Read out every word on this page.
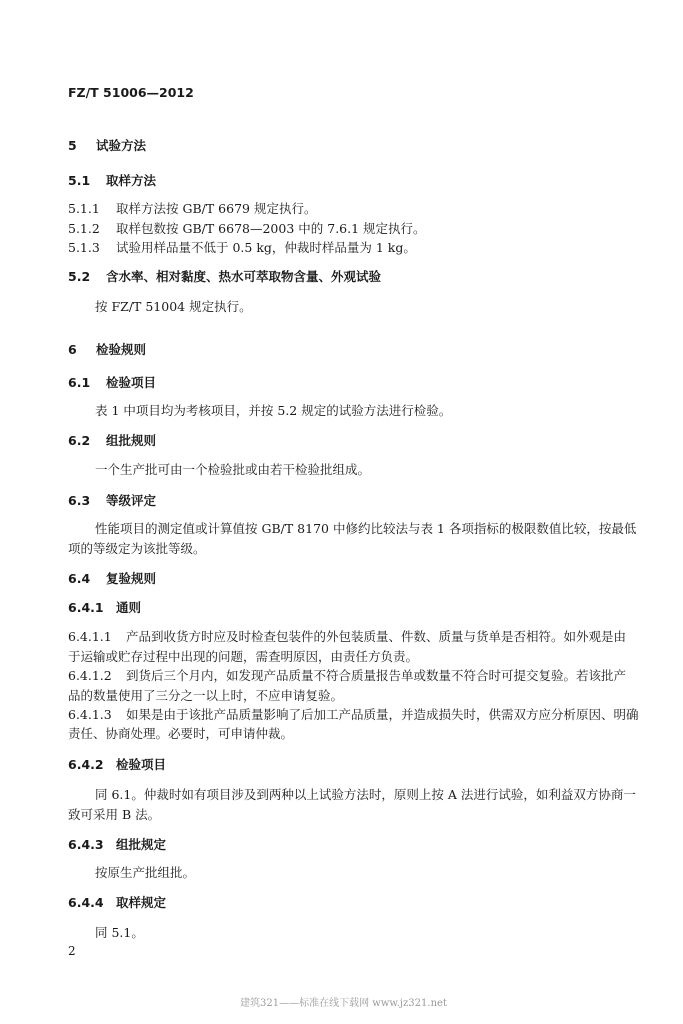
FZ/T 51006—2012
5 试验方法
5.1 取样方法
5.1.1 取样方法按 GB/T 6679 规定执行。
5.1.2 取样包数按 GB/T 6678—2003 中的 7.6.1 规定执行。
5.1.3 试验用样品量不低于 0.5 kg，仲裁时样品量为 1 kg。
5.2 含水率、相对黏度、热水可萃取物含量、外观试验
按 FZ/T 51004 规定执行。
6 检验规则
6.1 检验项目
表 1 中项目均为考核项目，并按 5.2 规定的试验方法进行检验。
6.2 组批规则
一个生产批可由一个检验批或由若干检验批组成。
6.3 等级评定
性能项目的测定值或计算值按 GB/T 8170 中修约比较法与表 1 各项指标的极限数值比较，按最低
项的等级定为该批等级。
6.4 复验规则
6.4.1 通则
6.4.1.1 产品到收货方时应及时检查包装件的外包装质量、件数、质量与货单是否相符。如外观是由
于运输或贮存过程中出现的问题，需查明原因，由责任方负责。
6.4.1.2 到货后三个月内，如发现产品质量不符合质量报告单或数量不符合时可提交复验。若该批产
品的数量使用了三分之一以上时，不应申请复验。
6.4.1.3 如果是由于该批产品质量影响了后加工产品质量，并造成损失时，供需双方应分析原因、明确
责任、协商处理。必要时，可申请仲裁。
6.4.2 检验项目
同 6.1。仲裁时如有项目涉及到两种以上试验方法时，原则上按 A 法进行试验，如利益双方协商一
致可采用 B 法。
6.4.3 组批规定
按原生产批组批。
6.4.4 取样规定
同 5.1。
2
建筑321——标准在线下载网 www.jz321.net
